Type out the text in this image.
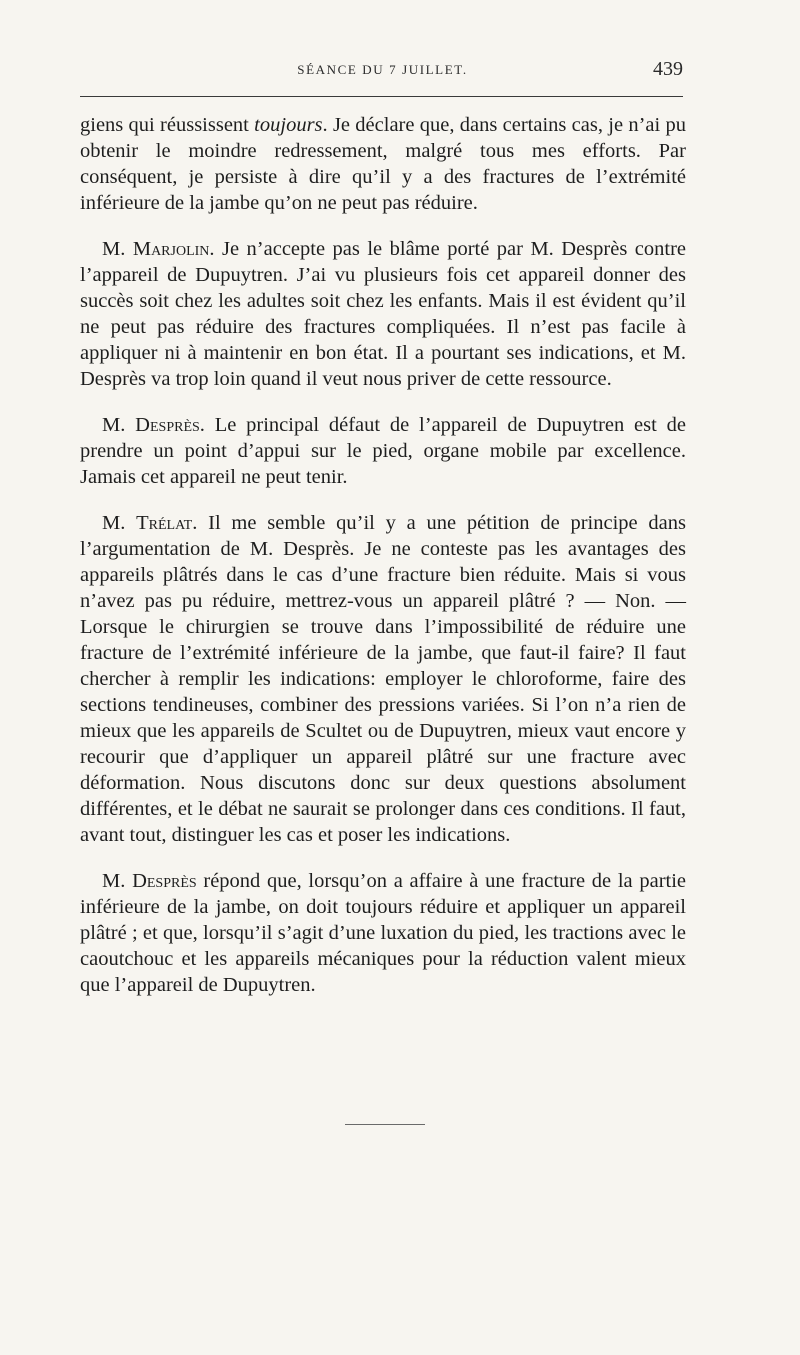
SÉANCE DU 7 JUILLET.	439

giens qui réussissent toujours. Je déclare que, dans certains cas, je n’ai pu obtenir le moindre redressement, malgré tous mes efforts. Par conséquent, je persiste à dire qu’il y a des fractures de l’extrémité inférieure de la jambe qu’on ne peut pas réduire.

M. Marjolin. Je n’accepte pas le blâme porté par M. Desprès contre l’appareil de Dupuytren. J’ai vu plusieurs fois cet appareil donner des succès soit chez les adultes soit chez les enfants. Mais il est évident qu’il ne peut pas réduire des fractures compliquées. Il n’est pas facile à appliquer ni à maintenir en bon état. Il a pourtant ses indications, et M. Desprès va trop loin quand il veut nous priver de cette ressource.

M. Desprès. Le principal défaut de l’appareil de Dupuytren est de prendre un point d’appui sur le pied, organe mobile par excellence. Jamais cet appareil ne peut tenir.

M. Trélat. Il me semble qu’il y a une pétition de principe dans l’argumentation de M. Desprès. Je ne conteste pas les avantages des appareils plâtrés dans le cas d’une fracture bien réduite. Mais si vous n’avez pas pu réduire, mettrez-vous un appareil plâtré ? — Non. — Lorsque le chirurgien se trouve dans l’impossibilité de réduire une fracture de l’extrémité inférieure de la jambe, que faut-il faire? Il faut chercher à remplir les indications: employer le chloroforme, faire des sections tendineuses, combiner des pressions variées. Si l’on n’a rien de mieux que les appareils de Scultet ou de Dupuytren, mieux vaut encore y recourir que d’appliquer un appareil plâtré sur une fracture avec déformation. Nous discutons donc sur deux questions absolument différentes, et le débat ne saurait se prolonger dans ces conditions. Il faut, avant tout, distinguer les cas et poser les indications.

M. Desprès répond que, lorsqu’on a affaire à une fracture de la partie inférieure de la jambe, on doit toujours réduire et appliquer un appareil plâtré ; et que, lorsqu’il s’agit d’une luxation du pied, les tractions avec le caoutchouc et les appareils mécaniques pour la réduction valent mieux que l’appareil de Dupuytren.
